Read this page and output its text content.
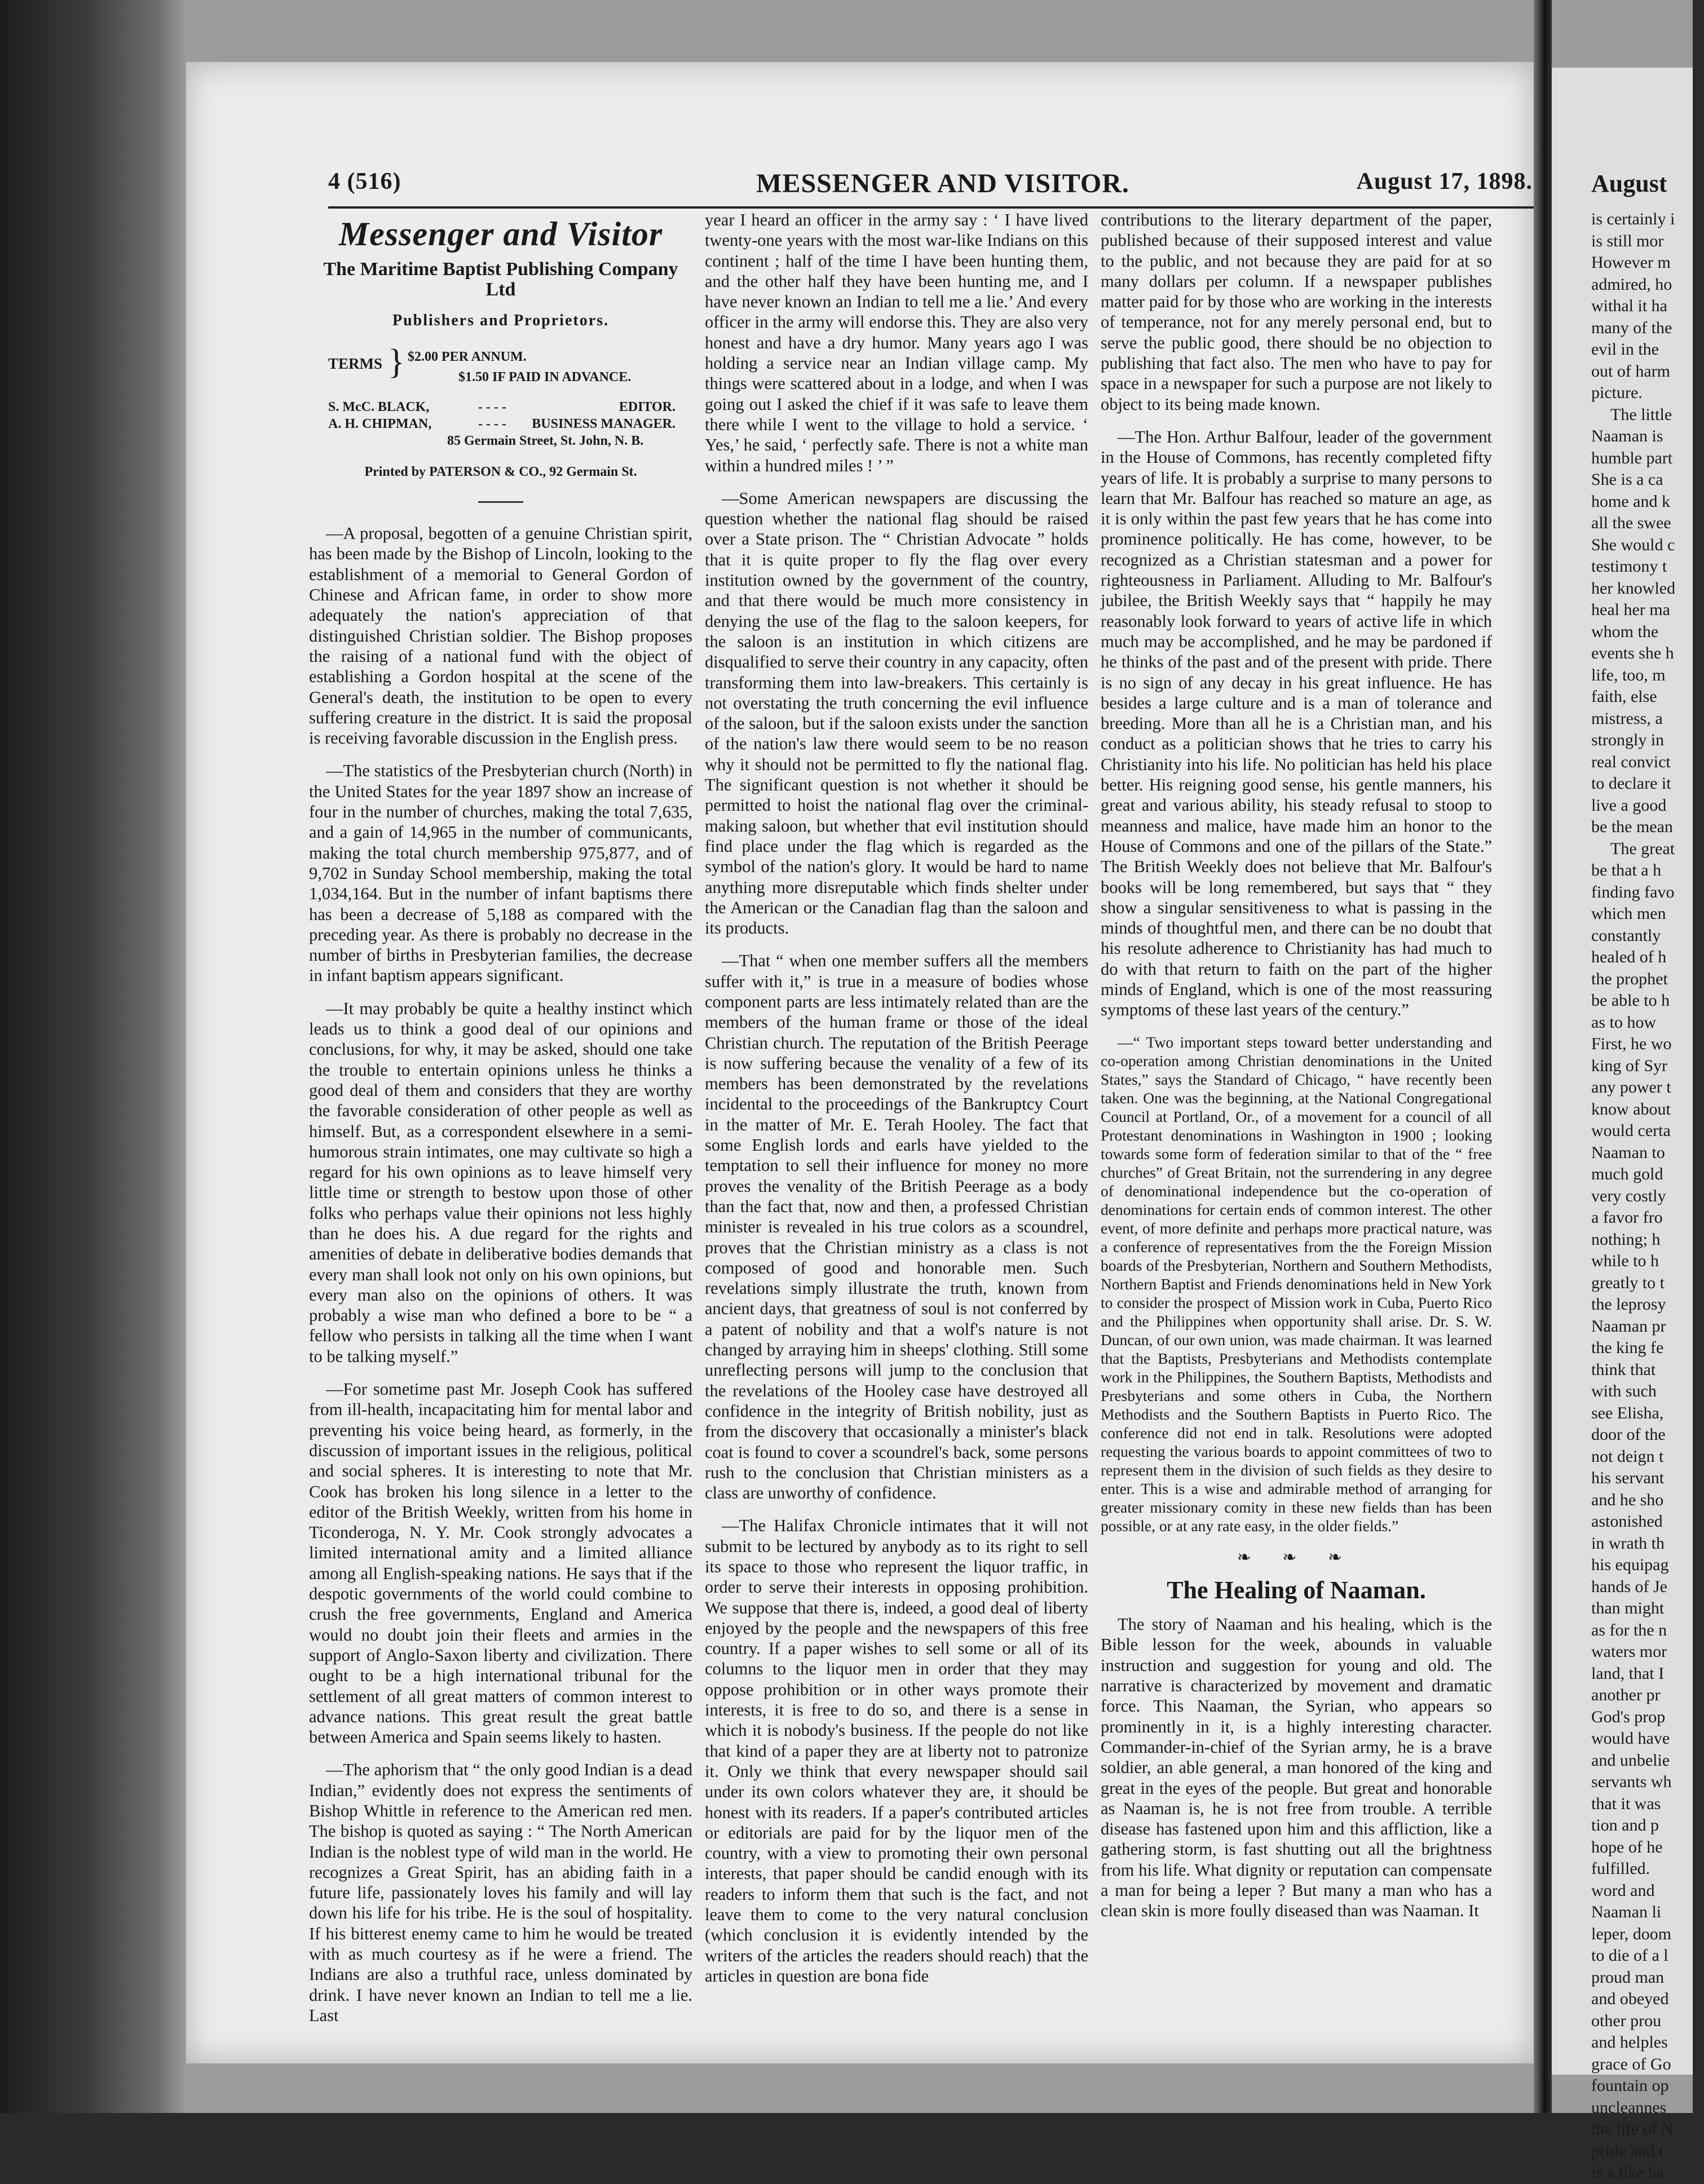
4 (516)	MESSENGER AND VISITOR.	August 17, 1898.
Messenger and Visitor
The Maritime Baptist Publishing Company Ltd
Publishers and Proprietors.
TERMS } $2.00 PER ANNUM.
$1.50 IF PAID IN ADVANCE.
S. McC. BLACK,	- - - -	EDITOR.
A. H. CHIPMAN,	- - - - BUSINESS MANAGER.
85 Germain Street, St. John, N. B.
Printed by PATERSON & CO., 92 Germain St.

—A proposal, begotten of a genuine Christian spirit, has been made by the Bishop of Lincoln, looking to the establishment of a memorial to General Gordon of Chinese and African fame, in order to show more adequately the nation's appreciation of that distinguished Christian soldier. The Bishop proposes the raising of a national fund with the object of establishing a Gordon hospital at the scene of the General's death, the institution to be open to every suffering creature in the district. It is said the proposal is receiving favorable discussion in the English press.

—The statistics of the Presbyterian church (North) in the United States for the year 1897 show an increase of four in the number of churches, making the total 7,635, and a gain of 14,965 in the number of communicants, making the total church membership 975,877, and of 9,702 in Sunday School membership, making the total 1,034,164. But in the number of infant baptisms there has been a decrease of 5,188 as compared with the preceding year. As there is probably no decrease in the number of births in Presbyterian families, the decrease in infant baptism appears significant.

—It may probably be quite a healthy instinct which leads us to think a good deal of our opinions and conclusions, for why, it may be asked, should one take the trouble to entertain opinions unless he thinks a good deal of them and considers that they are worthy the favorable consideration of other people as well as himself. But, as a correspondent elsewhere in a semi-humorous strain intimates, one may cultivate so high a regard for his own opinions as to leave himself very little time or strength to bestow upon those of other folks who perhaps value their opinions not less highly than he does his. A due regard for the rights and amenities of debate in deliberative bodies demands that every man shall look not only on his own opinions, but every man also on the opinions of others. It was probably a wise man who defined a bore to be “ a fellow who persists in talking all the time when I want to be talking myself.”

—For sometime past Mr. Joseph Cook has suffered from ill-health, incapacitating him for mental labor and preventing his voice being heard, as formerly, in the discussion of important issues in the religious, political and social spheres. It is interesting to note that Mr. Cook has broken his long silence in a letter to the editor of the British Weekly, written from his home in Ticonderoga, N. Y. Mr. Cook strongly advocates a limited international amity and a limited alliance among all English-speaking nations. He says that if the despotic governments of the world could combine to crush the free governments, England and America would no doubt join their fleets and armies in the support of Anglo-Saxon liberty and civilization. There ought to be a high international tribunal for the settlement of all great matters of common interest to advance nations. This great result the great battle between America and Spain seems likely to hasten.

—The aphorism that “ the only good Indian is a dead Indian,” evidently does not express the sentiments of Bishop Whittle in reference to the American red men. The bishop is quoted as saying : “ The North American Indian is the noblest type of wild man in the world. He recognizes a Great Spirit, has an abiding faith in a future life, passionately loves his family and will lay down his life for his tribe. He is the soul of hospitality. If his bitterest enemy came to him he would be treated with as much courtesy as if he were a friend. The Indians are also a truthful race, unless dominated by drink. I have never known an Indian to tell me a lie. Last

year I heard an officer in the army say : ‘ I have lived twenty-one years with the most war-like Indians on this continent ; half of the time I have been hunting them, and the other half they have been hunting me, and I have never known an Indian to tell me a lie.’ And every officer in the army will endorse this. They are also very honest and have a dry humor. Many years ago I was holding a service near an Indian village camp. My things were scattered about in a lodge, and when I was going out I asked the chief if it was safe to leave them there while I went to the village to hold a service. ‘ Yes,’ he said, ‘ perfectly safe. There is not a white man within a hundred miles ! ’ ”

—Some American newspapers are discussing the question whether the national flag should be raised over a State prison. The “ Christian Advocate ” holds that it is quite proper to fly the flag over every institution owned by the government of the country, and that there would be much more consistency in denying the use of the flag to the saloon keepers, for the saloon is an institution in which citizens are disqualified to serve their country in any capacity, often transforming them into law-breakers. This certainly is not overstating the truth concerning the evil influence of the saloon, but if the saloon exists under the sanction of the nation's law there would seem to be no reason why it should not be permitted to fly the national flag. The significant question is not whether it should be permitted to hoist the national flag over the criminal-making saloon, but whether that evil institution should find place under the flag which is regarded as the symbol of the nation's glory. It would be hard to name anything more disreputable which finds shelter under the American or the Canadian flag than the saloon and its products.

—That “ when one member suffers all the members suffer with it,” is true in a measure of bodies whose component parts are less intimately related than are the members of the human frame or those of the ideal Christian church. The reputation of the British Peerage is now suffering because the venality of a few of its members has been demonstrated by the revelations incidental to the proceedings of the Bankruptcy Court in the matter of Mr. E. Terah Hooley. The fact that some English lords and earls have yielded to the temptation to sell their influence for money no more proves the venality of the British Peerage as a body than the fact that, now and then, a professed Christian minister is revealed in his true colors as a scoundrel, proves that the Christian ministry as a class is not composed of good and honorable men. Such revelations simply illustrate the truth, known from ancient days, that greatness of soul is not conferred by a patent of nobility and that a wolf's nature is not changed by arraying him in sheeps' clothing. Still some unreflecting persons will jump to the conclusion that the revelations of the Hooley case have destroyed all confidence in the integrity of British nobility, just as from the discovery that occasionally a minister's black coat is found to cover a scoundrel's back, some persons rush to the conclusion that Christian ministers as a class are unworthy of confidence.

—The Halifax Chronicle intimates that it will not submit to be lectured by anybody as to its right to sell its space to those who represent the liquor traffic, in order to serve their interests in opposing prohibition. We suppose that there is, indeed, a good deal of liberty enjoyed by the people and the newspapers of this free country. If a paper wishes to sell some or all of its columns to the liquor men in order that they may oppose prohibition or in other ways promote their interests, it is free to do so, and there is a sense in which it is nobody's business. If the people do not like that kind of a paper they are at liberty not to patronize it. Only we think that every newspaper should sail under its own colors whatever they are, it should be honest with its readers. If a paper's contributed articles or editorials are paid for by the liquor men of the country, with a view to promoting their own personal interests, that paper should be candid enough with its readers to inform them that such is the fact, and not leave them to come to the very natural conclusion (which conclusion it is evidently intended by the writers of the articles the readers should reach) that the articles in question are bona fide

contributions to the literary department of the paper, published because of their supposed interest and value to the public, and not because they are paid for at so many dollars per column. If a newspaper publishes matter paid for by those who are working in the interests of temperance, not for any merely personal end, but to serve the public good, there should be no objection to publishing that fact also. The men who have to pay for space in a newspaper for such a purpose are not likely to object to its being made known.

—The Hon. Arthur Balfour, leader of the government in the House of Commons, has recently completed fifty years of life. It is probably a surprise to many persons to learn that Mr. Balfour has reached so mature an age, as it is only within the past few years that he has come into prominence politically. He has come, however, to be recognized as a Christian statesman and a power for righteousness in Parliament. Alluding to Mr. Balfour's jubilee, the British Weekly says that “ happily he may reasonably look forward to years of active life in which much may be accomplished, and he may be pardoned if he thinks of the past and of the present with pride. There is no sign of any decay in his great influence. He has besides a large culture and is a man of tolerance and breeding. More than all he is a Christian man, and his conduct as a politician shows that he tries to carry his Christianity into his life. No politician has held his place better. His reigning good sense, his gentle manners, his great and various ability, his steady refusal to stoop to meanness and malice, have made him an honor to the House of Commons and one of the pillars of the State.” The British Weekly does not believe that Mr. Balfour's books will be long remembered, but says that “ they show a singular sensitiveness to what is passing in the minds of thoughtful men, and there can be no doubt that his resolute adherence to Christianity has had much to do with that return to faith on the part of the higher minds of England, which is one of the most reassuring symptoms of these last years of the century.”

—“ Two important steps toward better understanding and co-operation among Christian denominations in the United States,” says the Standard of Chicago, “ have recently been taken. One was the beginning, at the National Congregational Council at Portland, Or., of a movement for a council of all Protestant denominations in Washington in 1900 ; looking towards some form of federation similar to that of the “ free churches” of Great Britain, not the surrendering in any degree of denominational independence but the co-operation of denominations for certain ends of common interest. The other event, of more definite and perhaps more practical nature, was a conference of representatives from the the Foreign Mission boards of the Presbyterian, Northern and Southern Methodists, Northern Baptist and Friends denominations held in New York to consider the prospect of Mission work in Cuba, Puerto Rico and the Philippines when opportunity shall arise. Dr. S. W. Duncan, of our own union, was made chairman. It was learned that the Baptists, Presbyterians and Methodists contemplate work in the Philippines, the Southern Baptists, Methodists and Presbyterians and some others in Cuba, the Northern Methodists and the Southern Baptists in Puerto Rico. The conference did not end in talk. Resolutions were adopted requesting the various boards to appoint committees of two to represent them in the division of such fields as they desire to enter. This is a wise and admirable method of arranging for greater missionary comity in these new fields than has been possible, or at any rate easy, in the older fields.”

❧ ❧ ❧
The Healing of Naaman.

The story of Naaman and his healing, which is the Bible lesson for the week, abounds in valuable instruction and suggestion for young and old. The narrative is characterized by movement and dramatic force. This Naaman, the Syrian, who appears so prominently in it, is a highly interesting character. Commander-in-chief of the Syrian army, he is a brave soldier, an able general, a man honored of the king and great in the eyes of the people. But great and honorable as Naaman is, he is not free from trouble. A terrible disease has fastened upon him and this affliction, like a gathering storm, is fast shutting out all the brightness from his life. What dignity or reputation can compensate a man for being a leper ? But many a man who has a clean skin is more foully diseased than was Naaman. It

August
is certainly i
is still mor
However m
admired, ho
withal it ha
many of the
evil in the
out of harm
picture.
The little
Naaman is
humble part
She is a ca
home and k
all the swee
She would c
testimony t
her knowled
heal her ma
whom the
events she h
life, too, m
faith, else
mistress, a
strongly in
real convict
to declare it
live a good
be the mean
The great
be that a h
finding favo
which men
constantly
healed of h
the prophet
be able to h
as to how
First, he wo
king of Syr
any power t
know about
would certa
Naaman to
much gold
very costly
a favor fro
nothing; h
while to h
greatly to t
the leprosy
Naaman pr
the king fe
think that
with such
see Elisha,
door of the
not deign t
his servant
and he sho
astonished
in wrath th
his equipag
hands of Je
than might
as for the n
waters mor
land, that I
another pr
God's prop
would have
and unbelie
servants wh
that it was
tion and p
hope of he
fulfilled.
word and
Naaman li
leper, doom
to die of a l
proud man
and obeyed
other prou
and helples
grace of Go
fountain op
uncleannes
the life of N
pride and t
is a like ha
